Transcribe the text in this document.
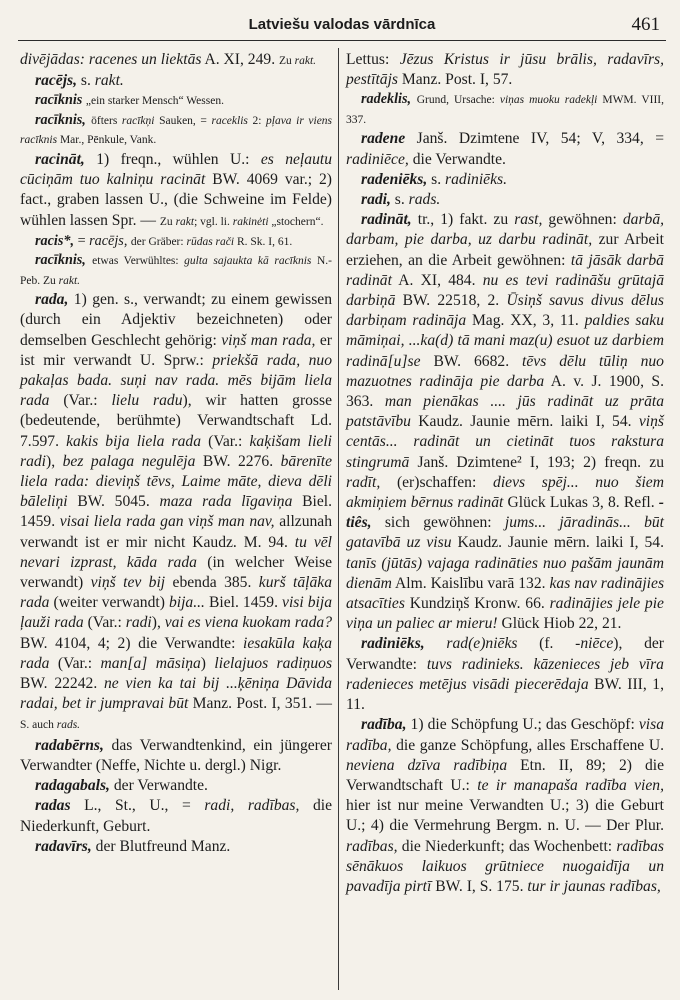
Latviešu valodas vārdnīca	461

divējādas: racenes un liektās A. XI, 249. Zu rakt.

racējs, s. rakt.

racīknis „ein starker Mensch“ Wessen.

racīknis, öfters racīkņi Sauken, = raceklis 2: pļava ir viens racīknis Mar., Pēnkule, Vank.

racināt, 1) freqn., wühlen U.: es neļautu cūciņām tuo kalniņu racināt BW. 4069 var.; 2) fact., graben lassen U., (die Schweine im Felde) wühlen lassen Spr. — Zu rakt; vgl. li. rakinėti „stochern“.

racis*, = racējs, der Gräber: rūdas rači R. Sk. I, 61.

racīknis, etwas Verwühltes: gulta sajaukta kā racīknis N.-Peb. Zu rakt.

rada, 1) gen. s., verwandt; zu einem gewissen (durch ein Adjektiv bezeichneten) oder demselben Geschlecht gehörig: viņš man rada, er ist mir verwandt U. Sprw.: priekšā rada, nuo pakaļas bada. suņi nav rada. mēs bijām liela rada (Var.: lielu radu), wir hatten grosse (bedeutende, berühmte) Verwandtschaft Ld. 7.597. kakis bija liela rada (Var.: kaķišam lieli radi), bez palaga negulēja BW. 2276. bārenīte liela rada: dieviņš tēvs, Laime māte, dieva dēli bāleliņi BW. 5045. maza rada līgaviņa Biel. 1459. visai liela rada gan viņš man nav, allzunah verwandt ist er mir nicht Kaudz. M. 94. tu vēl nevari izprast, kāda rada (in welcher Weise verwandt) viņš tev bij ebenda 385. kurš tāļāka rada (weiter verwandt) bija... Biel. 1459. visi bija ļauži rada (Var.: radi), vai es viena kuokam rada? BW. 4104, 4; 2) die Verwandte: iesakūla kaķa rada (Var.: man[a] māsiņa) lielajuos radiņuos BW. 22242. ne vien ka tai bij ...ķēniņa Dāvida radai, bet ir jumpravai būt Manz. Post. I, 351. — S. auch rads.

radabērns, das Verwandtenkind, ein jüngerer Verwandter (Neffe, Nichte u. dergl.) Nigr.

radagabals, der Verwandte.

radas L., St., U., = radi, radības, die Niederkunft, Geburt.

radavīrs, der Blutfreund Manz.

Lettus: Jēzus Kristus ir jūsu brālis, radavīrs, pestītājs Manz. Post. I, 57.

radeklis, Grund, Ursache: viņas muoku radekļi MWM. VIII, 337.

radene Janš. Dzimtene IV, 54; V, 334, = radiniēce, die Verwandte.

radeniēks, s. radiniēks.

radi, s. rads.

radināt, tr., 1) fakt. zu rast, gewöhnen: darbā, darbam, pie darba, uz darbu radināt, zur Arbeit erziehen, an die Arbeit gewöhnen: tā jāsāk darbā radināt A. XI, 484. nu es tevi radināšu grūtajā darbiņā BW. 22518, 2. Ūsiņš savus divus dēlus darbiņam radināja Mag. XX, 3, 11. paldies saku māmiņai, ...ka(d) tā mani maz(u) esuot uz darbiem radinā[u]se BW. 6682. tēvs dēlu tūliņ nuo mazuotnes radināja pie darba A. v. J. 1900, S. 363. man pienākas .... jūs radināt uz prāta patstāvību Kaudz. Jaunie mērn. laiki I, 54. viņš centās... radināt un cietināt tuos rakstura stingrumā Janš. Dzimtene² I, 193; 2) freqn. zu radīt, (er)schaffen: dievs spēj... nuo šiem akmiņiem bērnus radināt Glück Lukas 3, 8. Refl. -tiês, sich gewöhnen: jums... jāradinās... būt gatavībā uz visu Kaudz. Jaunie mērn. laiki I, 54. tanīs (jūtās) vajaga radināties nuo pašām jaunām dienām Alm. Kaislību varā 132. kas nav radinājies atsacīties Kundziņš Kronw. 66. radinājies jele pie viņa un paliec ar mieru! Glück Hiob 22, 21.

radiniēks, rad(e)niēks (f. -niēce), der Verwandte: tuvs radinieks. kāzenieces jeb vīra radenieces metējus visādi piecerēdaja BW. III, 1, 11.

radība, 1) die Schöpfung U.; das Geschöpf: visa radība, die ganze Schöpfung, alles Erschaffene U. neviena dzīva radībiņa Etn. II, 89; 2) die Verwandtschaft U.: te ir manapaša radība vien, hier ist nur meine Verwandten U.; 3) die Geburt U.; 4) die Vermehrung Bergm. n. U. — Der Plur. radības, die Niederkunft; das Wochenbett: radības sēnākuos laikuos grūtniece nuogaidīja un pavadīja pirtī BW. I, S. 175. tur ir jaunas radības,
